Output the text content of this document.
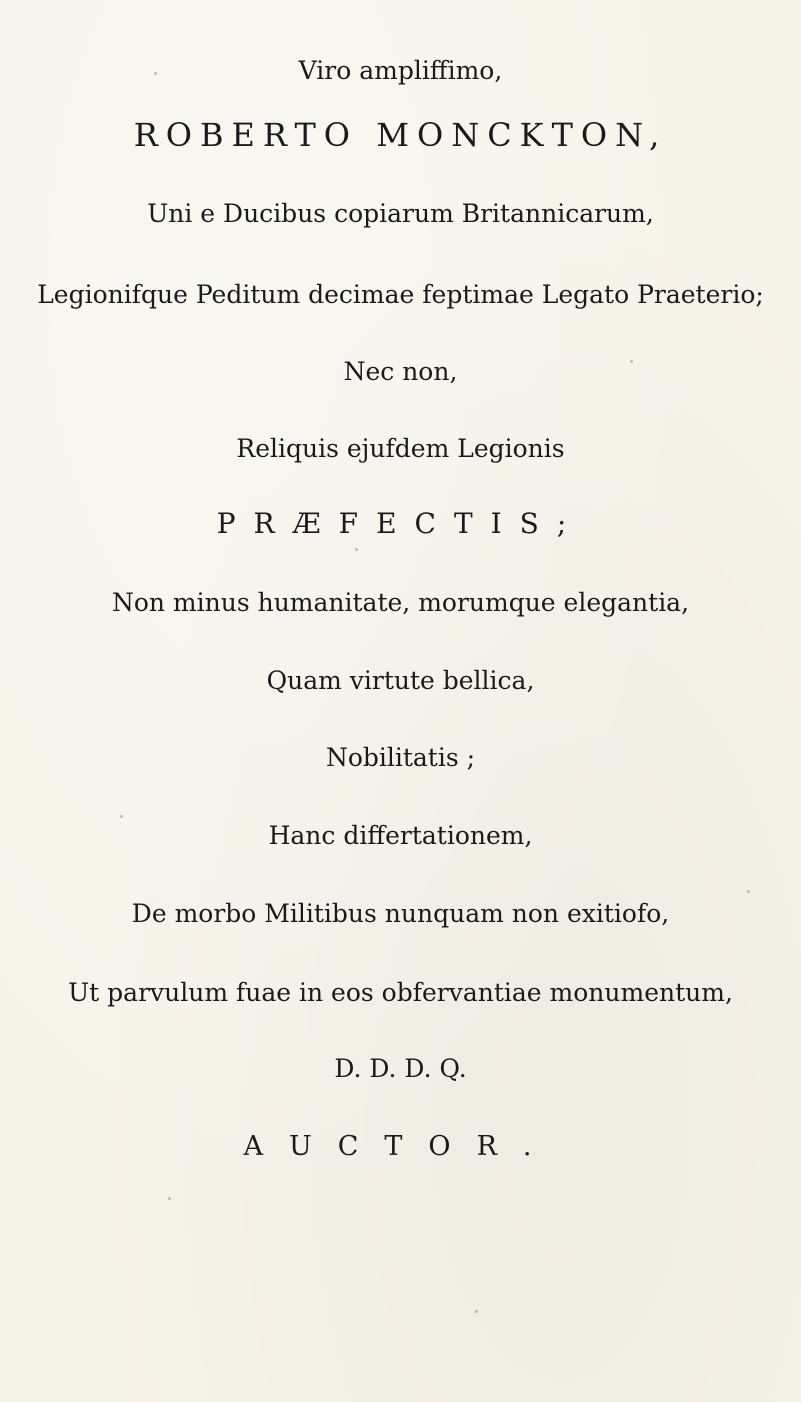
Viro ampliffimo,
ROBERTO MONCKTON,
Uni e Ducibus copiarum Britannicarum,
Legionifque Peditum decimae feptimae Legato Praeterio;
Nec non,
Reliquis ejufdem Legionis
PRÆFECTIS;
Non minus humanitate, morumque elegantia,
Quam virtute bellica,
Nobilitatis ;
Hanc differtationem,
De morbo Militibus nunquam non exitiofo,
Ut parvulum fuae in eos obfervantiae monumentum,
D. D. D. Q.
AUCTOR.
